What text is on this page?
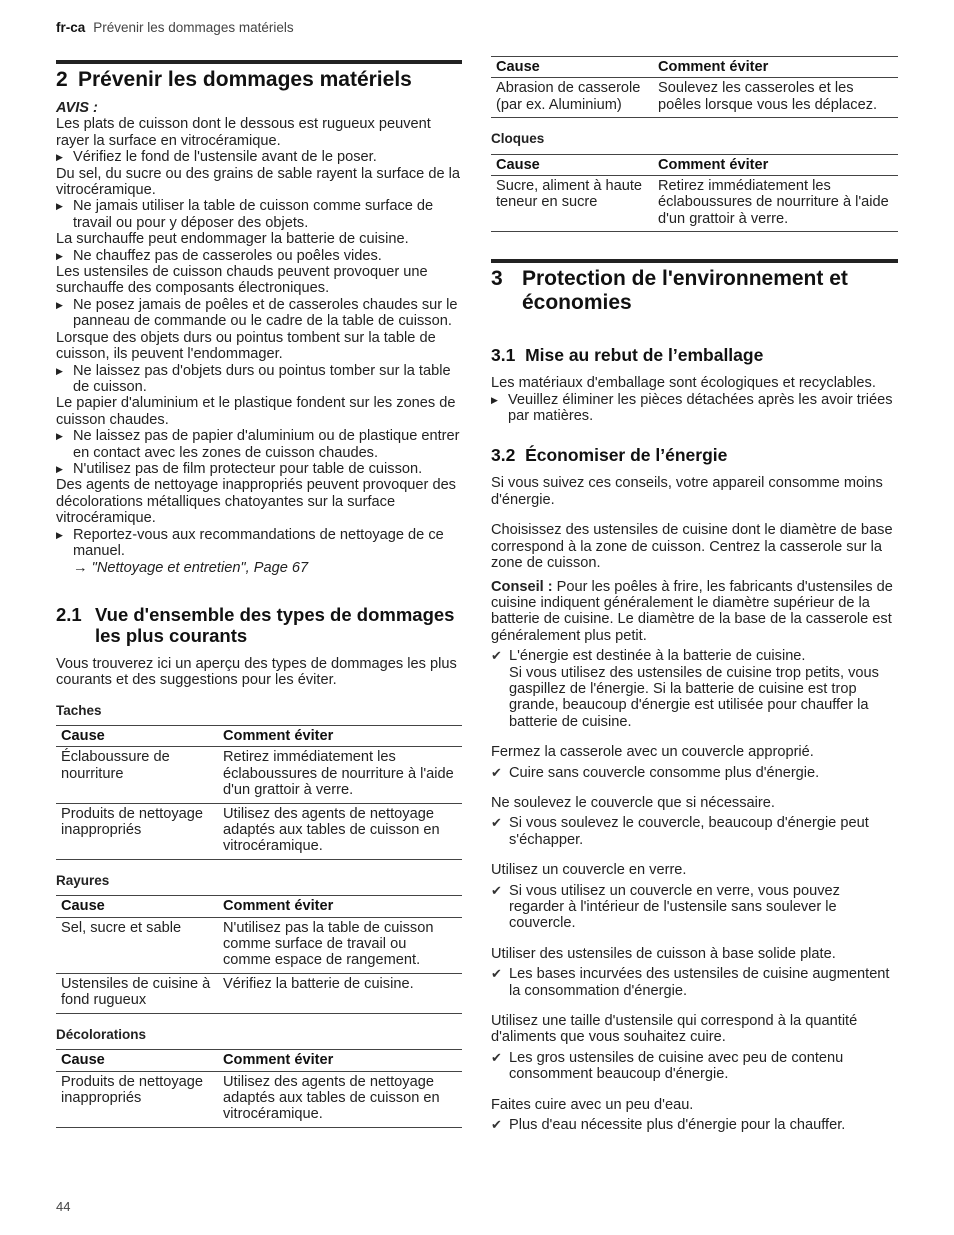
fr-ca Prévenir les dommages matériels
2 Prévenir les dommages matériels

AVIS :

Les plats de cuisson dont le dessous est rugueux peuvent rayer la surface en vitrocéramique.

▶ Vérifiez le fond de l'ustensile avant de le poser.

Du sel, du sucre ou des grains de sable rayent la surface de la vitrocéramique.

▶ Ne jamais utiliser la table de cuisson comme surface de travail ou pour y déposer des objets.

La surchauffe peut endommager la batterie de cuisine.

▶ Ne chauffez pas de casseroles ou poêles vides.

Les ustensiles de cuisson chauds peuvent provoquer une surchauffe des composants électroniques.

▶ Ne posez jamais de poêles et de casseroles chaudes sur le panneau de commande ou le cadre de la table de cuisson.

Lorsque des objets durs ou pointus tombent sur la table de cuisson, ils peuvent l'endommager.

▶ Ne laissez pas d'objets durs ou pointus tomber sur la table de cuisson.

Le papier d'aluminium et le plastique fondent sur les zones de cuisson chaudes.

▶ Ne laissez pas de papier d'aluminium ou de plastique entrer en contact avec les zones de cuisson chaudes.
▶ N'utilisez pas de film protecteur pour table de cuisson.

Des agents de nettoyage inappropriés peuvent provoquer des décolorations métalliques chatoyantes sur la surface vitrocéramique.

▶ Reportez-vous aux recommandations de nettoyage de ce manuel.
→ "Nettoyage et entretien", Page 67
2.1 Vue d'ensemble des types de dommages les plus courants

Vous trouverez ici un aperçu des types de dommages les plus courants et des suggestions pour les éviter.

Taches
Cause	Comment éviter
Éclaboussure de nourriture	Retirez immédiatement les éclaboussures de nourriture à l'aide d'un grattoir à verre.
Produits de nettoyage inappropriés	Utilisez des agents de nettoyage adaptés aux tables de cuisson en vitrocéramique.
Rayures
Cause	Comment éviter
Sel, sucre et sable	N'utilisez pas la table de cuisson comme surface de travail ou comme espace de rangement.
Ustensiles de cuisine à fond rugueux	Vérifiez la batterie de cuisine.
Décolorations
Cause	Comment éviter
Produits de nettoyage inappropriés	Utilisez des agents de nettoyage adaptés aux tables de cuisson en vitrocéramique.
Cause	Comment éviter
Abrasion de casserole (par ex. Aluminium)	Soulevez les casseroles et les poêles lorsque vous les déplacez.
Cloques
Cause	Comment éviter
Sucre, aliment à haute teneur en sucre	Retirez immédiatement les éclaboussures de nourriture à l'aide d'un grattoir à verre.
3 Protection de l'environnement et économies
3.1 Mise au rebut de l’emballage

Les matériaux d'emballage sont écologiques et recyclables.

▶ Veuillez éliminer les pièces détachées après les avoir triées par matières.
3.2 Économiser de l’énergie

Si vous suivez ces conseils, votre appareil consomme moins d'énergie.

Choisissez des ustensiles de cuisine dont le diamètre de base correspond à la zone de cuisson. Centrez la casserole sur la zone de cuisson.

Conseil : Pour les poêles à frire, les fabricants d'ustensiles de cuisine indiquent généralement le diamètre supérieur de la batterie de cuisine. Le diamètre de la base de la casserole est généralement plus petit.

✔ L'énergie est destinée à la batterie de cuisine.
Si vous utilisez des ustensiles de cuisine trop petits, vous gaspillez de l'énergie. Si la batterie de cuisine est trop grande, beaucoup d'énergie est utilisée pour chauffer la batterie de cuisine.

Fermez la casserole avec un couvercle approprié.

✔ Cuire sans couvercle consomme plus d'énergie.

Ne soulevez le couvercle que si nécessaire.

✔ Si vous soulevez le couvercle, beaucoup d'énergie peut s'échapper.

Utilisez un couvercle en verre.

✔ Si vous utilisez un couvercle en verre, vous pouvez regarder à l'intérieur de l'ustensile sans soulever le couvercle.

Utiliser des ustensiles de cuisson à base solide plate.

✔ Les bases incurvées des ustensiles de cuisine augmentent la consommation d'énergie.

Utilisez une taille d'ustensile qui correspond à la quantité d'aliments que vous souhaitez cuire.

✔ Les gros ustensiles de cuisine avec peu de contenu consomment beaucoup d'énergie.

Faites cuire avec un peu d'eau.

✔ Plus d'eau nécessite plus d'énergie pour la chauffer.
44
